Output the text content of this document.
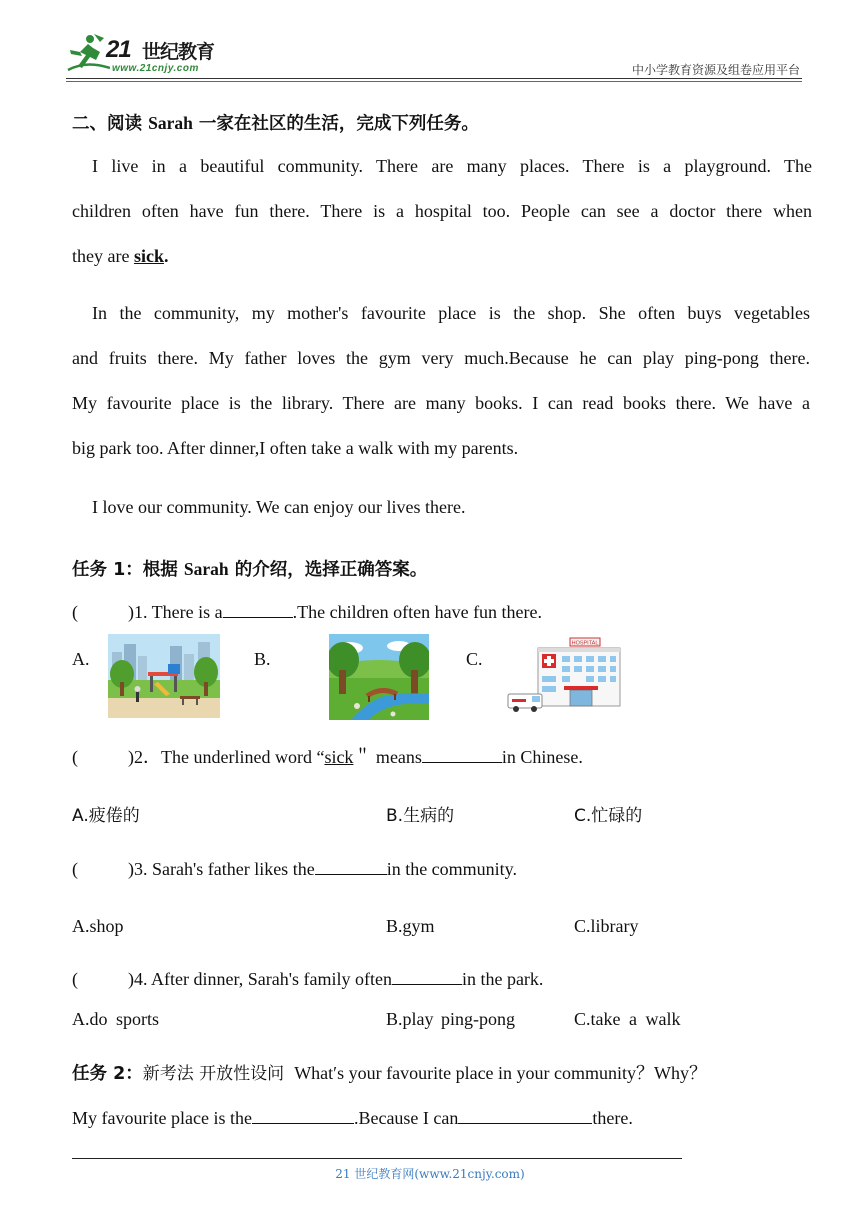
21 世纪教育
www.21cnjy.com	中小学教育资源及组卷应用平台
二、阅读 Sarah 一家在社区的生活，完成下列任务。
I live in a beautiful community. There are many places. There is a playground. The
children often have fun there. There is a hospital too. People can see a doctor there when
they are sick.
In the community, my mother's favourite place is the shop. She often buys vegetables
and fruits there. My father loves the gym very much.Because he can play ping-pong there.
My favourite place is the library. There are many books. I can read books there. We have a
big park too. After dinner,I often take a walk with my parents.
I love our community. We can enjoy our lives there.
任务 1：根据 Sarah 的介绍，选择正确答案。
(	)1. There is a	.The children often have fun there.
A.	B.	C.
HOSPITAL
(	)2．The underlined word “sick＂ means	in Chinese.
A.疲倦的	B.生病的	C.忙碌的
(	)3. Sarah's father likes the	in the community.
A.shop	B.gym	C.library
(	)4. After dinner, Sarah's family often	in the park.
A.do sports	B.play ping-pong	C.take a walk
任务 2：新考法 开放性设问 What′s your favourite place in your community？Why？
My favourite place is the	.Because I can	there.
21 世纪教育网(www.21cnjy.com)
